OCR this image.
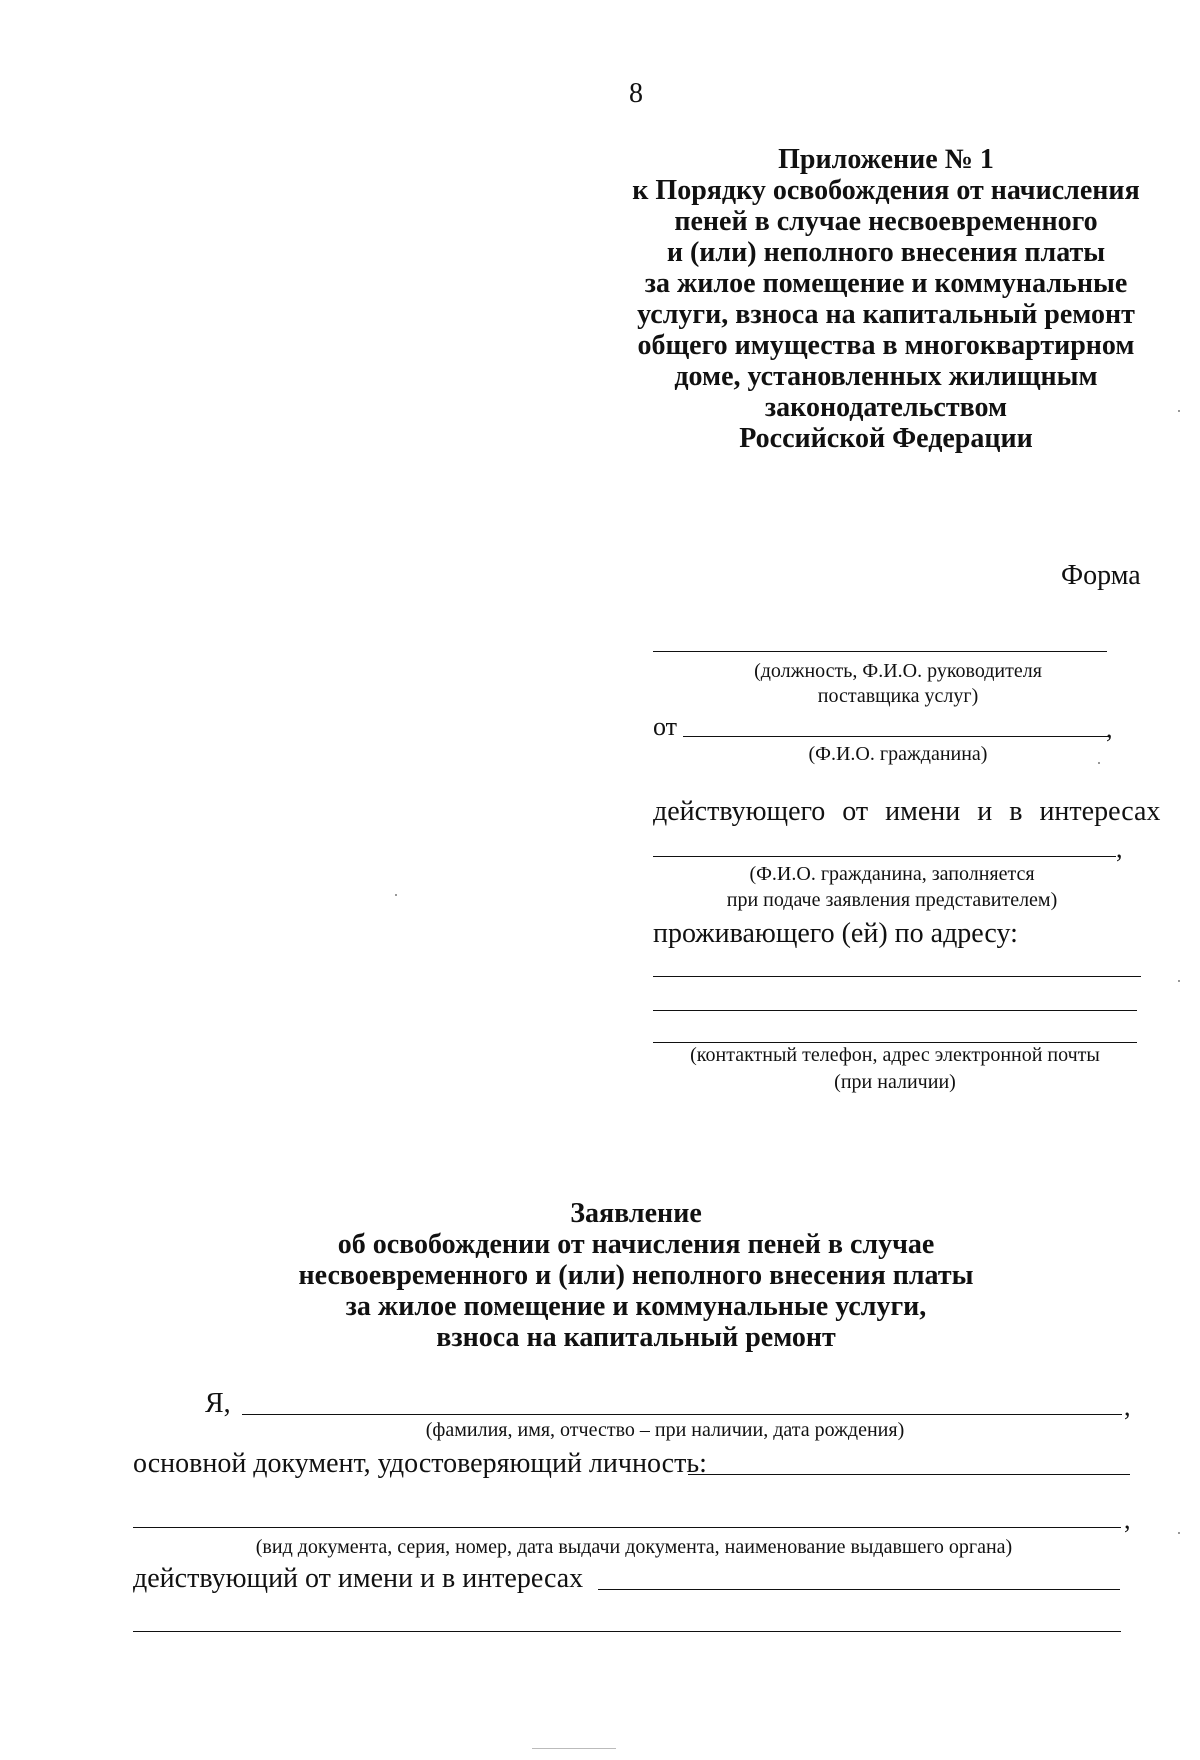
8
Приложение № 1
к Порядку освобождения от начисления
пеней в случае несвоевременного
и (или) неполного внесения платы
за жилое помещение и коммунальные
услуги, взноса на капитальный ремонт
общего имущества в многоквартирном
доме, установленных жилищным
законодательством
Российской Федерации
Форма
(должность, Ф.И.О. руководителя
поставщика услуг)
от	,
(Ф.И.О. гражданина)
действующего от имени и в интересах
,
(Ф.И.О. гражданина, заполняется
при подаче заявления представителем)
проживающего (ей) по адресу:
(контактный телефон, адрес электронной почты
(при наличии)
Заявление
об освобождении от начисления пеней в случае
несвоевременного и (или) неполного внесения платы
за жилое помещение и коммунальные услуги,
взноса на капитальный ремонт
Я,	,
(фамилия, имя, отчество – при наличии, дата рождения)
основной документ, удостоверяющий личность:
,
(вид документа, серия, номер, дата выдачи документа, наименование выдавшего органа)
действующий от имени и в интересах
